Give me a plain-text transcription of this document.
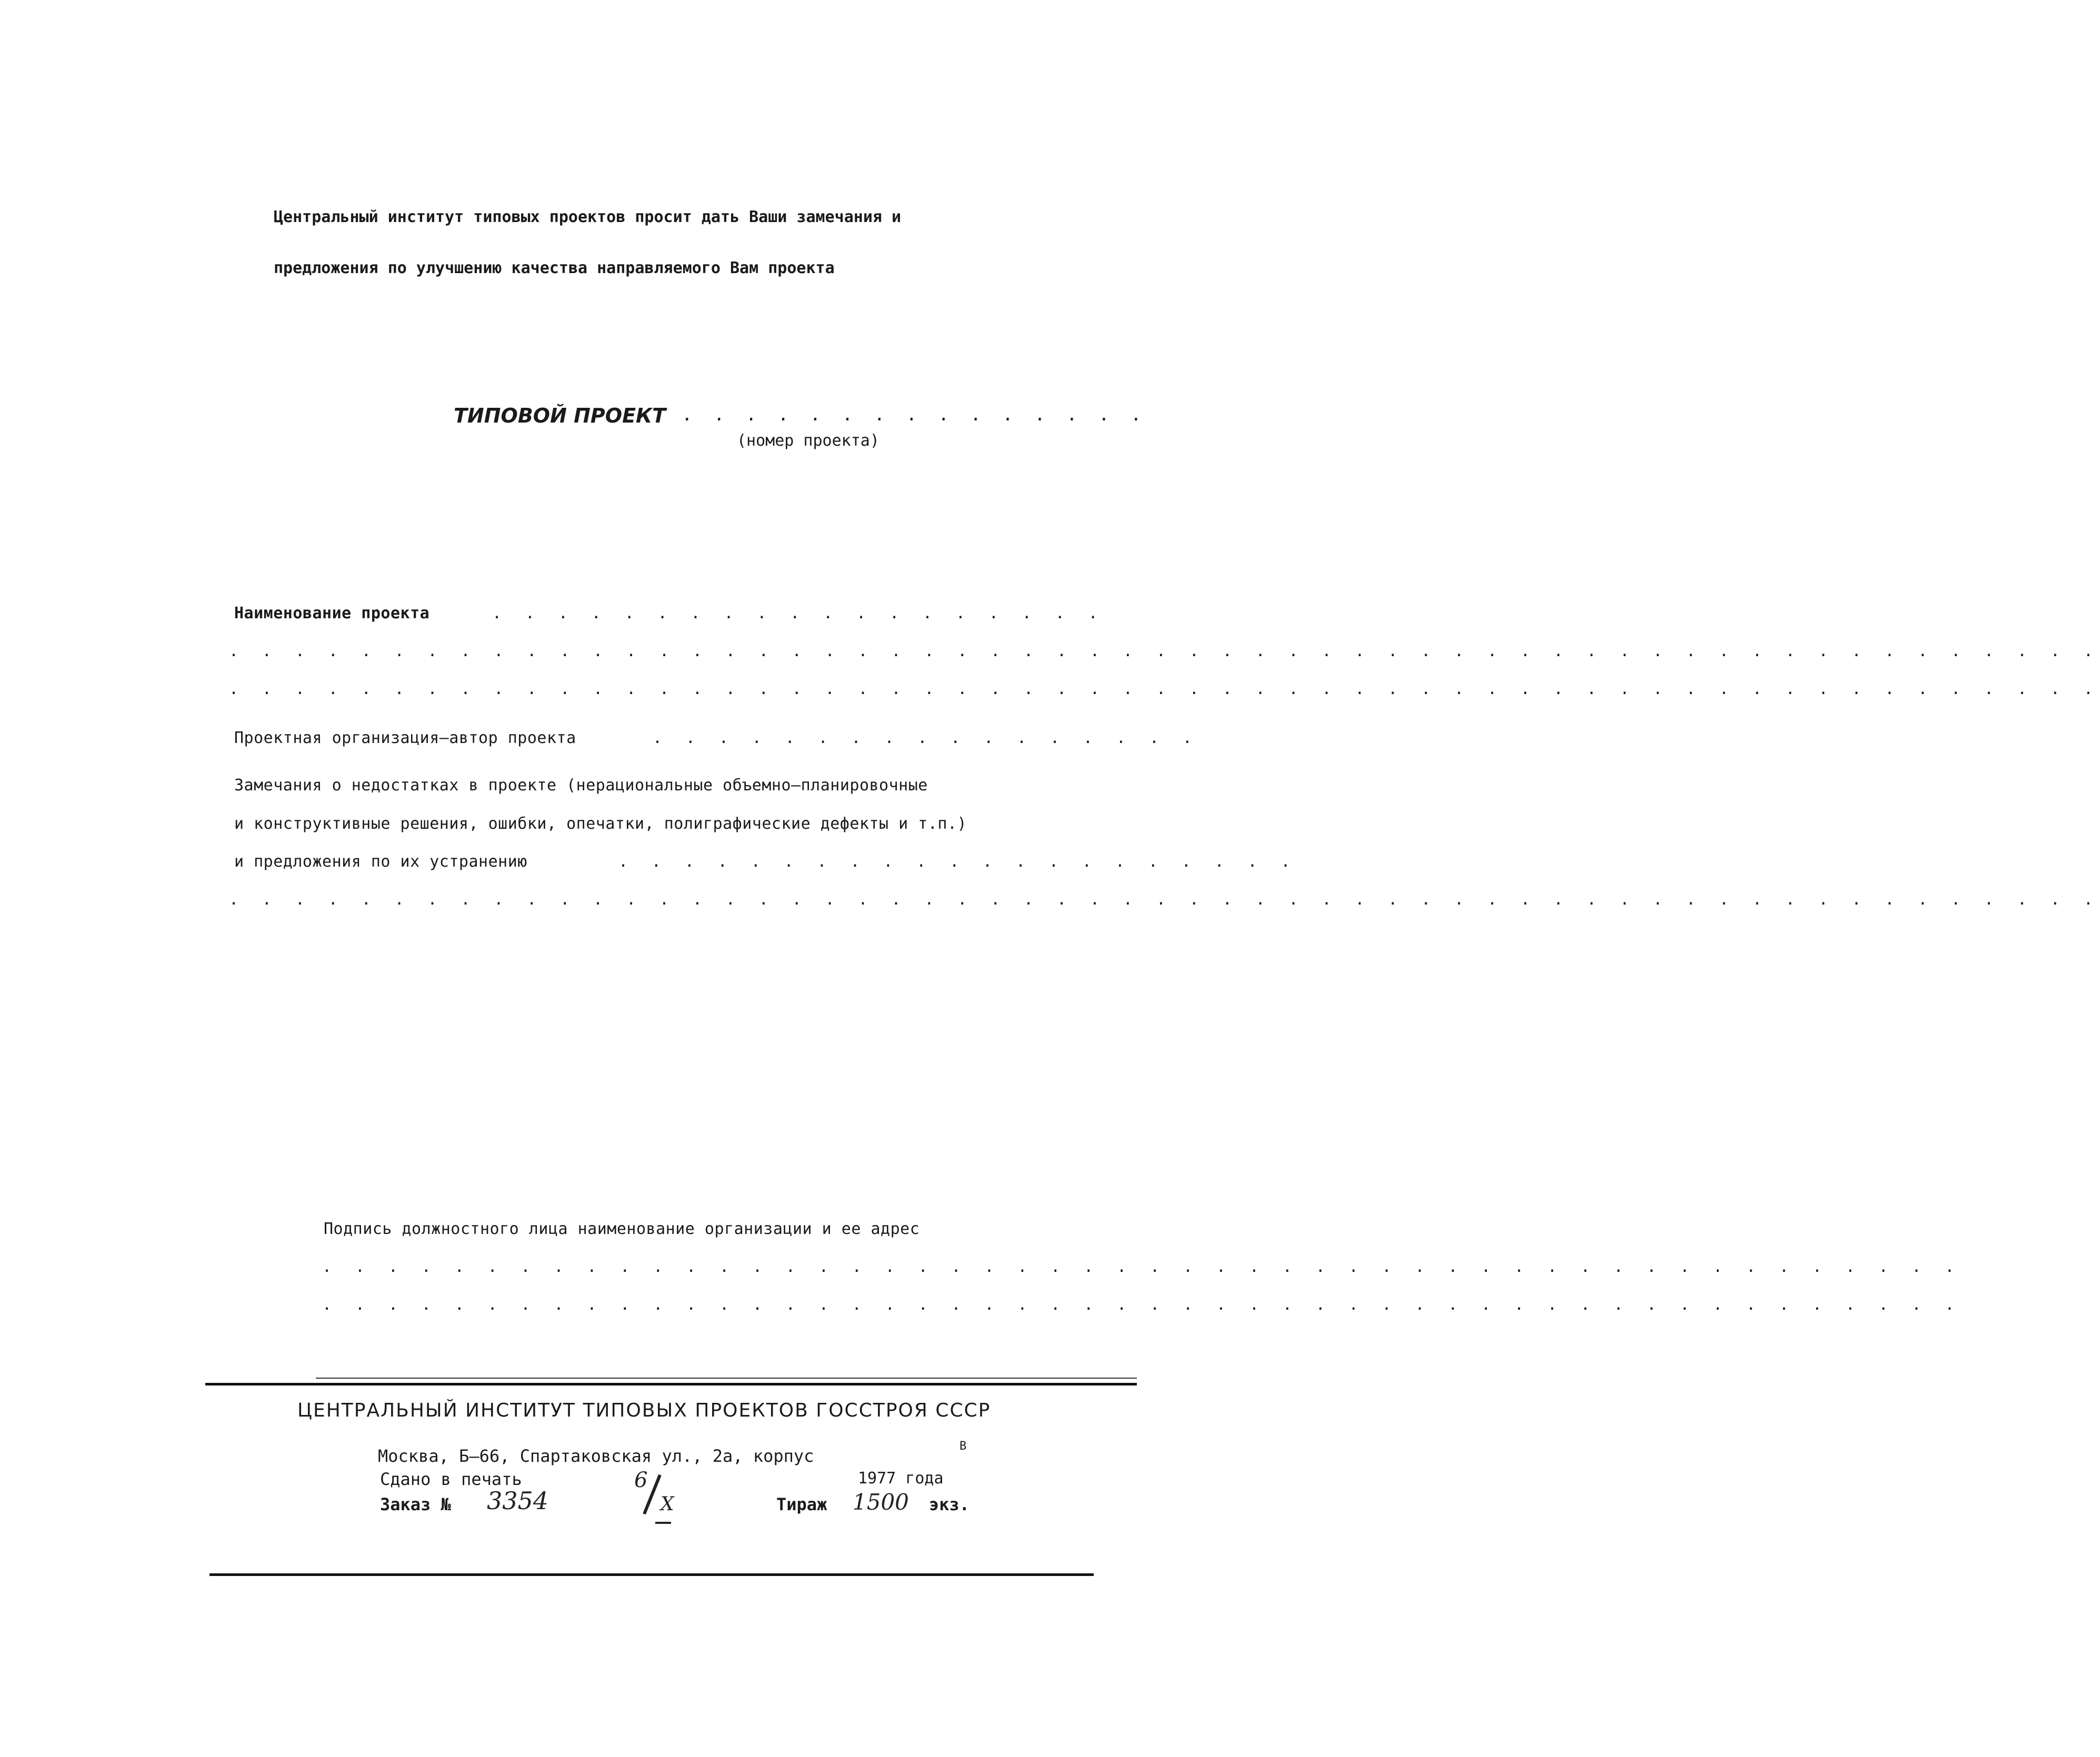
Центральный институт типовых проектов просит дать Ваши замечания и
предложения по улучшению качества направляемого Вам проекта
ТИПОВОЙ ПРОЕКТ . . . . . . . . . . . . . . .
(номер проекта)
Наименование проекта	. . . . . . . . . . . . . . . . . . .
. . . . . . . . . . . . . . . . . . . . . . . . . . . . . . . . . . . . . . . . . . . . . . . . . . . . . . . . .
. . . . . . . . . . . . . . . . . . . . . . . . . . . . . . . . . . . . . . . . . . . . . . . . . . . . . . . . .
Проектная организация–автор проекта	. . . . . . . . . . . . . . . . .
Замечания о недостатках в проекте (нерациональные объемно–планировочные
и конструктивные решения, ошибки, опечатки, полиграфические дефекты и т.п.)
и предложения по их устранению	. . . . . . . . . . . . . . . . . . . . .
. . . . . . . . . . . . . . . . . . . . . . . . . . . . . . . . . . . . . . . . . . . . . . . . . . . . . . . . .
Подпись должностного лица наименование организации и ее адрес
. . . . . . . . . . . . . . . . . . . . . . . . . . . . . . . . . . . . . . . . . . . . . . . . . .
. . . . . . . . . . . . . . . . . . . . . . . . . . . . . . . . . . . . . . . . . . . . . . . . . .
ЦЕНТРАЛЬНЫЙ ИНСТИТУТ ТИПОВЫХ ПРОЕКТОВ ГОССТРОЯ СССР
Москва, Б–66, Спартаковская ул., 2а, корпус	В
Сдано в печать	1977 года
Заказ № 3354
6
X	Тираж 1500 экз.
